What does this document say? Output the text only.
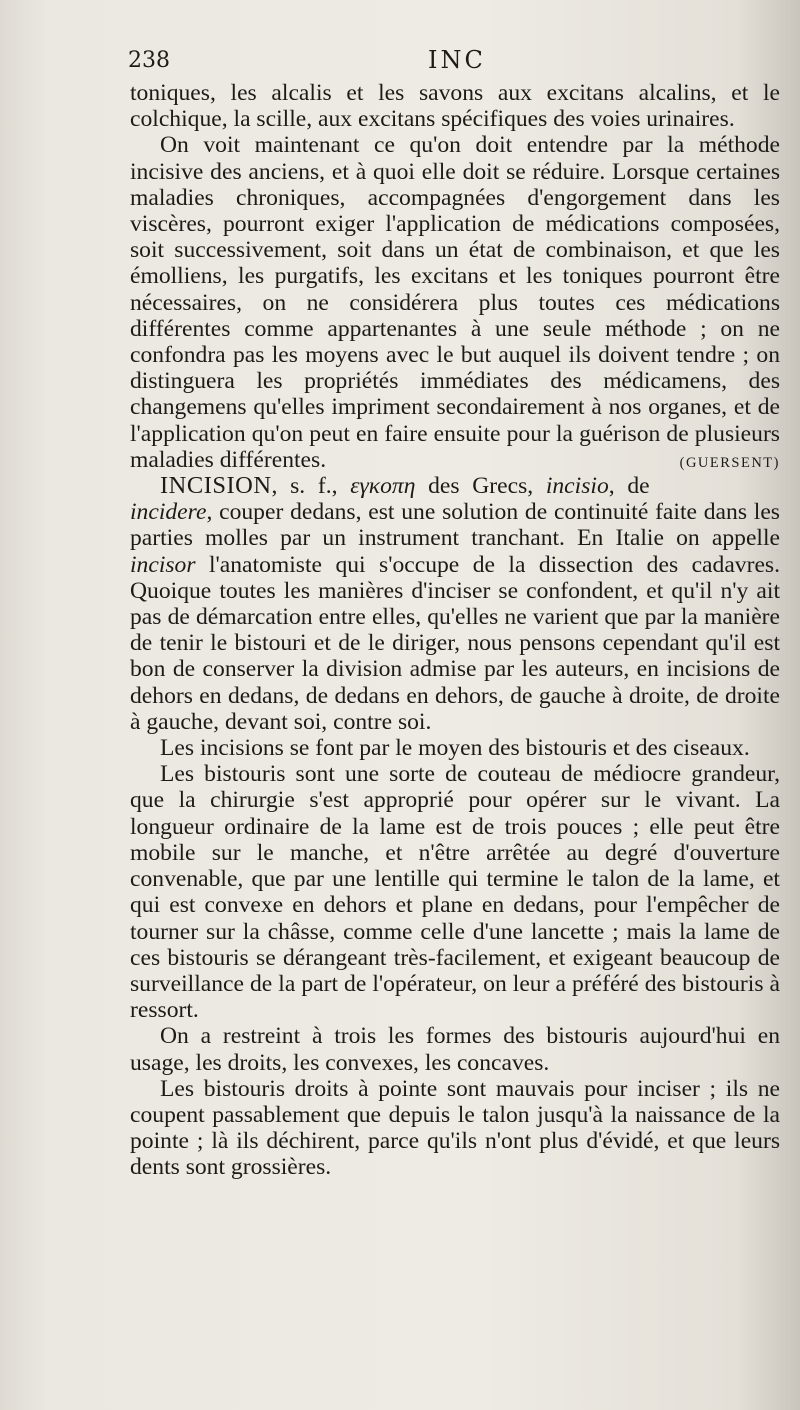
238	INC

toniques, les alcalis et les savons aux excitans alcalins, et le colchique, la scille, aux excitans spécifiques des voies urinaires.

On voit maintenant ce qu'on doit entendre par la méthode incisive des anciens, et à quoi elle doit se réduire. Lorsque certaines maladies chroniques, accompagnées d'engorgement dans les viscères, pourront exiger l'application de médications composées, soit successivement, soit dans un état de combinaison, et que les émolliens, les purgatifs, les excitans et les toniques pourront être nécessaires, on ne considérera plus toutes ces médications différentes comme appartenantes à une seule méthode ; on ne confondra pas les moyens avec le but auquel ils doivent tendre ; on distinguera les propriétés immédiates des médicamens, des changemens qu'elles impriment secondairement à nos organes, et de l'application qu'on peut en faire ensuite pour la guérison de plusieurs maladies différentes.	(GUERSENT)

INCISION, s. f., εγκοπη des Grecs, incisio, de incidere, couper dedans, est une solution de continuité faite dans les parties molles par un instrument tranchant. En Italie on appelle incisor l'anatomiste qui s'occupe de la dissection des cadavres. Quoique toutes les manières d'inciser se confondent, et qu'il n'y ait pas de démarcation entre elles, qu'elles ne varient que par la manière de tenir le bistouri et de le diriger, nous pensons cependant qu'il est bon de conserver la division admise par les auteurs, en incisions de dehors en dedans, de dedans en dehors, de gauche à droite, de droite à gauche, devant soi, contre soi.

Les incisions se font par le moyen des bistouris et des ciseaux.

Les bistouris sont une sorte de couteau de médiocre grandeur, que la chirurgie s'est approprié pour opérer sur le vivant. La longueur ordinaire de la lame est de trois pouces ; elle peut être mobile sur le manche, et n'être arrêtée au degré d'ouverture convenable, que par une lentille qui termine le talon de la lame, et qui est convexe en dehors et plane en dedans, pour l'empêcher de tourner sur la châsse, comme celle d'une lancette ; mais la lame de ces bistouris se dérangeant très-facilement, et exigeant beaucoup de surveillance de la part de l'opérateur, on leur a préféré des bistouris à ressort.

On a restreint à trois les formes des bistouris aujourd'hui en usage, les droits, les convexes, les concaves.

Les bistouris droits à pointe sont mauvais pour inciser ; ils ne coupent passablement que depuis le talon jusqu'à la naissance de la pointe ; là ils déchirent, parce qu'ils n'ont plus d'évidé, et que leurs dents sont grossières.
